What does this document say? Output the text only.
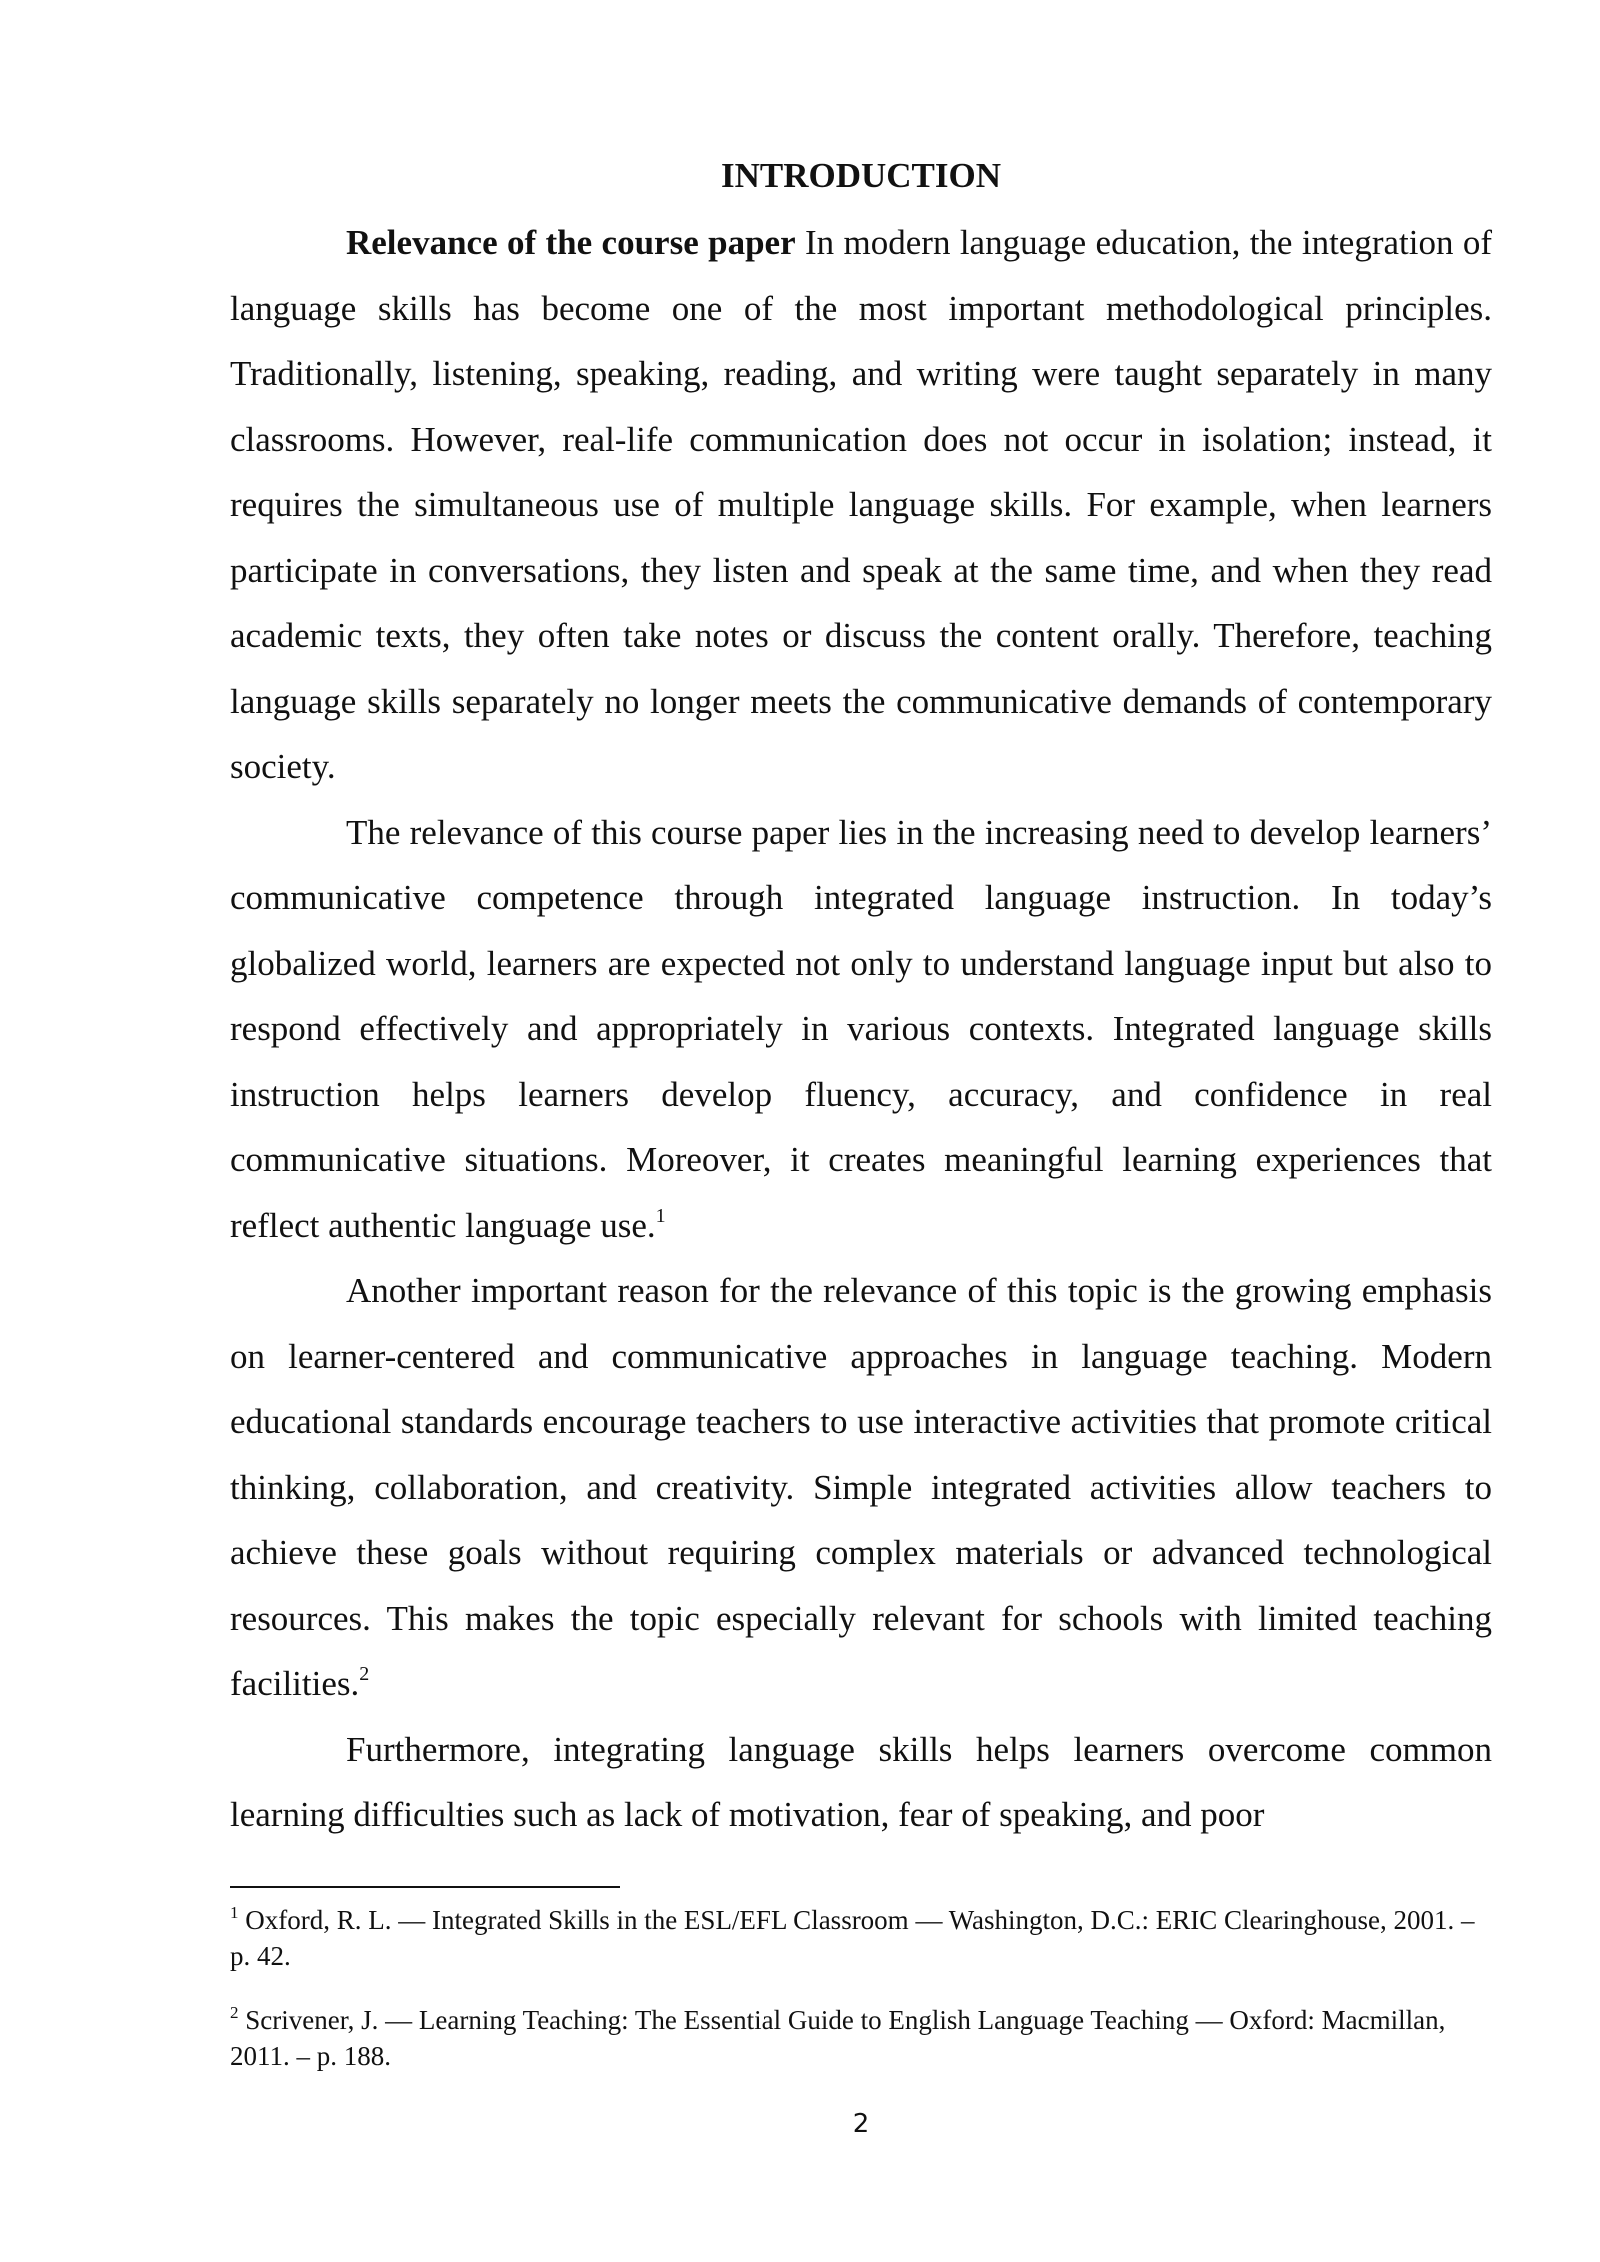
INTRODUCTION

Relevance of the course paper In modern language education, the integration of language skills has become one of the most important methodological principles. Traditionally, listening, speaking, reading, and writing were taught separately in many classrooms. However, real-life communication does not occur in isolation; instead, it requires the simultaneous use of multiple language skills. For example, when learners participate in conversations, they listen and speak at the same time, and when they read academic texts, they often take notes or discuss the content orally. Therefore, teaching language skills separately no longer meets the communicative demands of contemporary society.

The relevance of this course paper lies in the increasing need to develop learners’ communicative competence through integrated language instruction. In today’s globalized world, learners are expected not only to understand language input but also to respond effectively and appropriately in various contexts. Integrated language skills instruction helps learners develop fluency, accuracy, and confidence in real communicative situations. Moreover, it creates meaningful learning experiences that reflect authentic language use.$^1$

Another important reason for the relevance of this topic is the growing emphasis on learner-centered and communicative approaches in language teaching. Modern educational standards encourage teachers to use interactive activities that promote critical thinking, collaboration, and creativity. Simple integrated activities allow teachers to achieve these goals without requiring complex materials or advanced technological resources. This makes the topic especially relevant for schools with limited teaching facilities.$^2$

Furthermore, integrating language skills helps learners overcome common learning difficulties such as lack of motivation, fear of speaking, and poor

$^1$ Oxford, R. L. — Integrated Skills in the ESL/EFL Classroom — Washington, D.C.: ERIC Clearinghouse, 2001. – p. 42.

$^2$ Scrivener, J. — Learning Teaching: The Essential Guide to English Language Teaching — Oxford: Macmillan, 2011. – p. 188.

2
